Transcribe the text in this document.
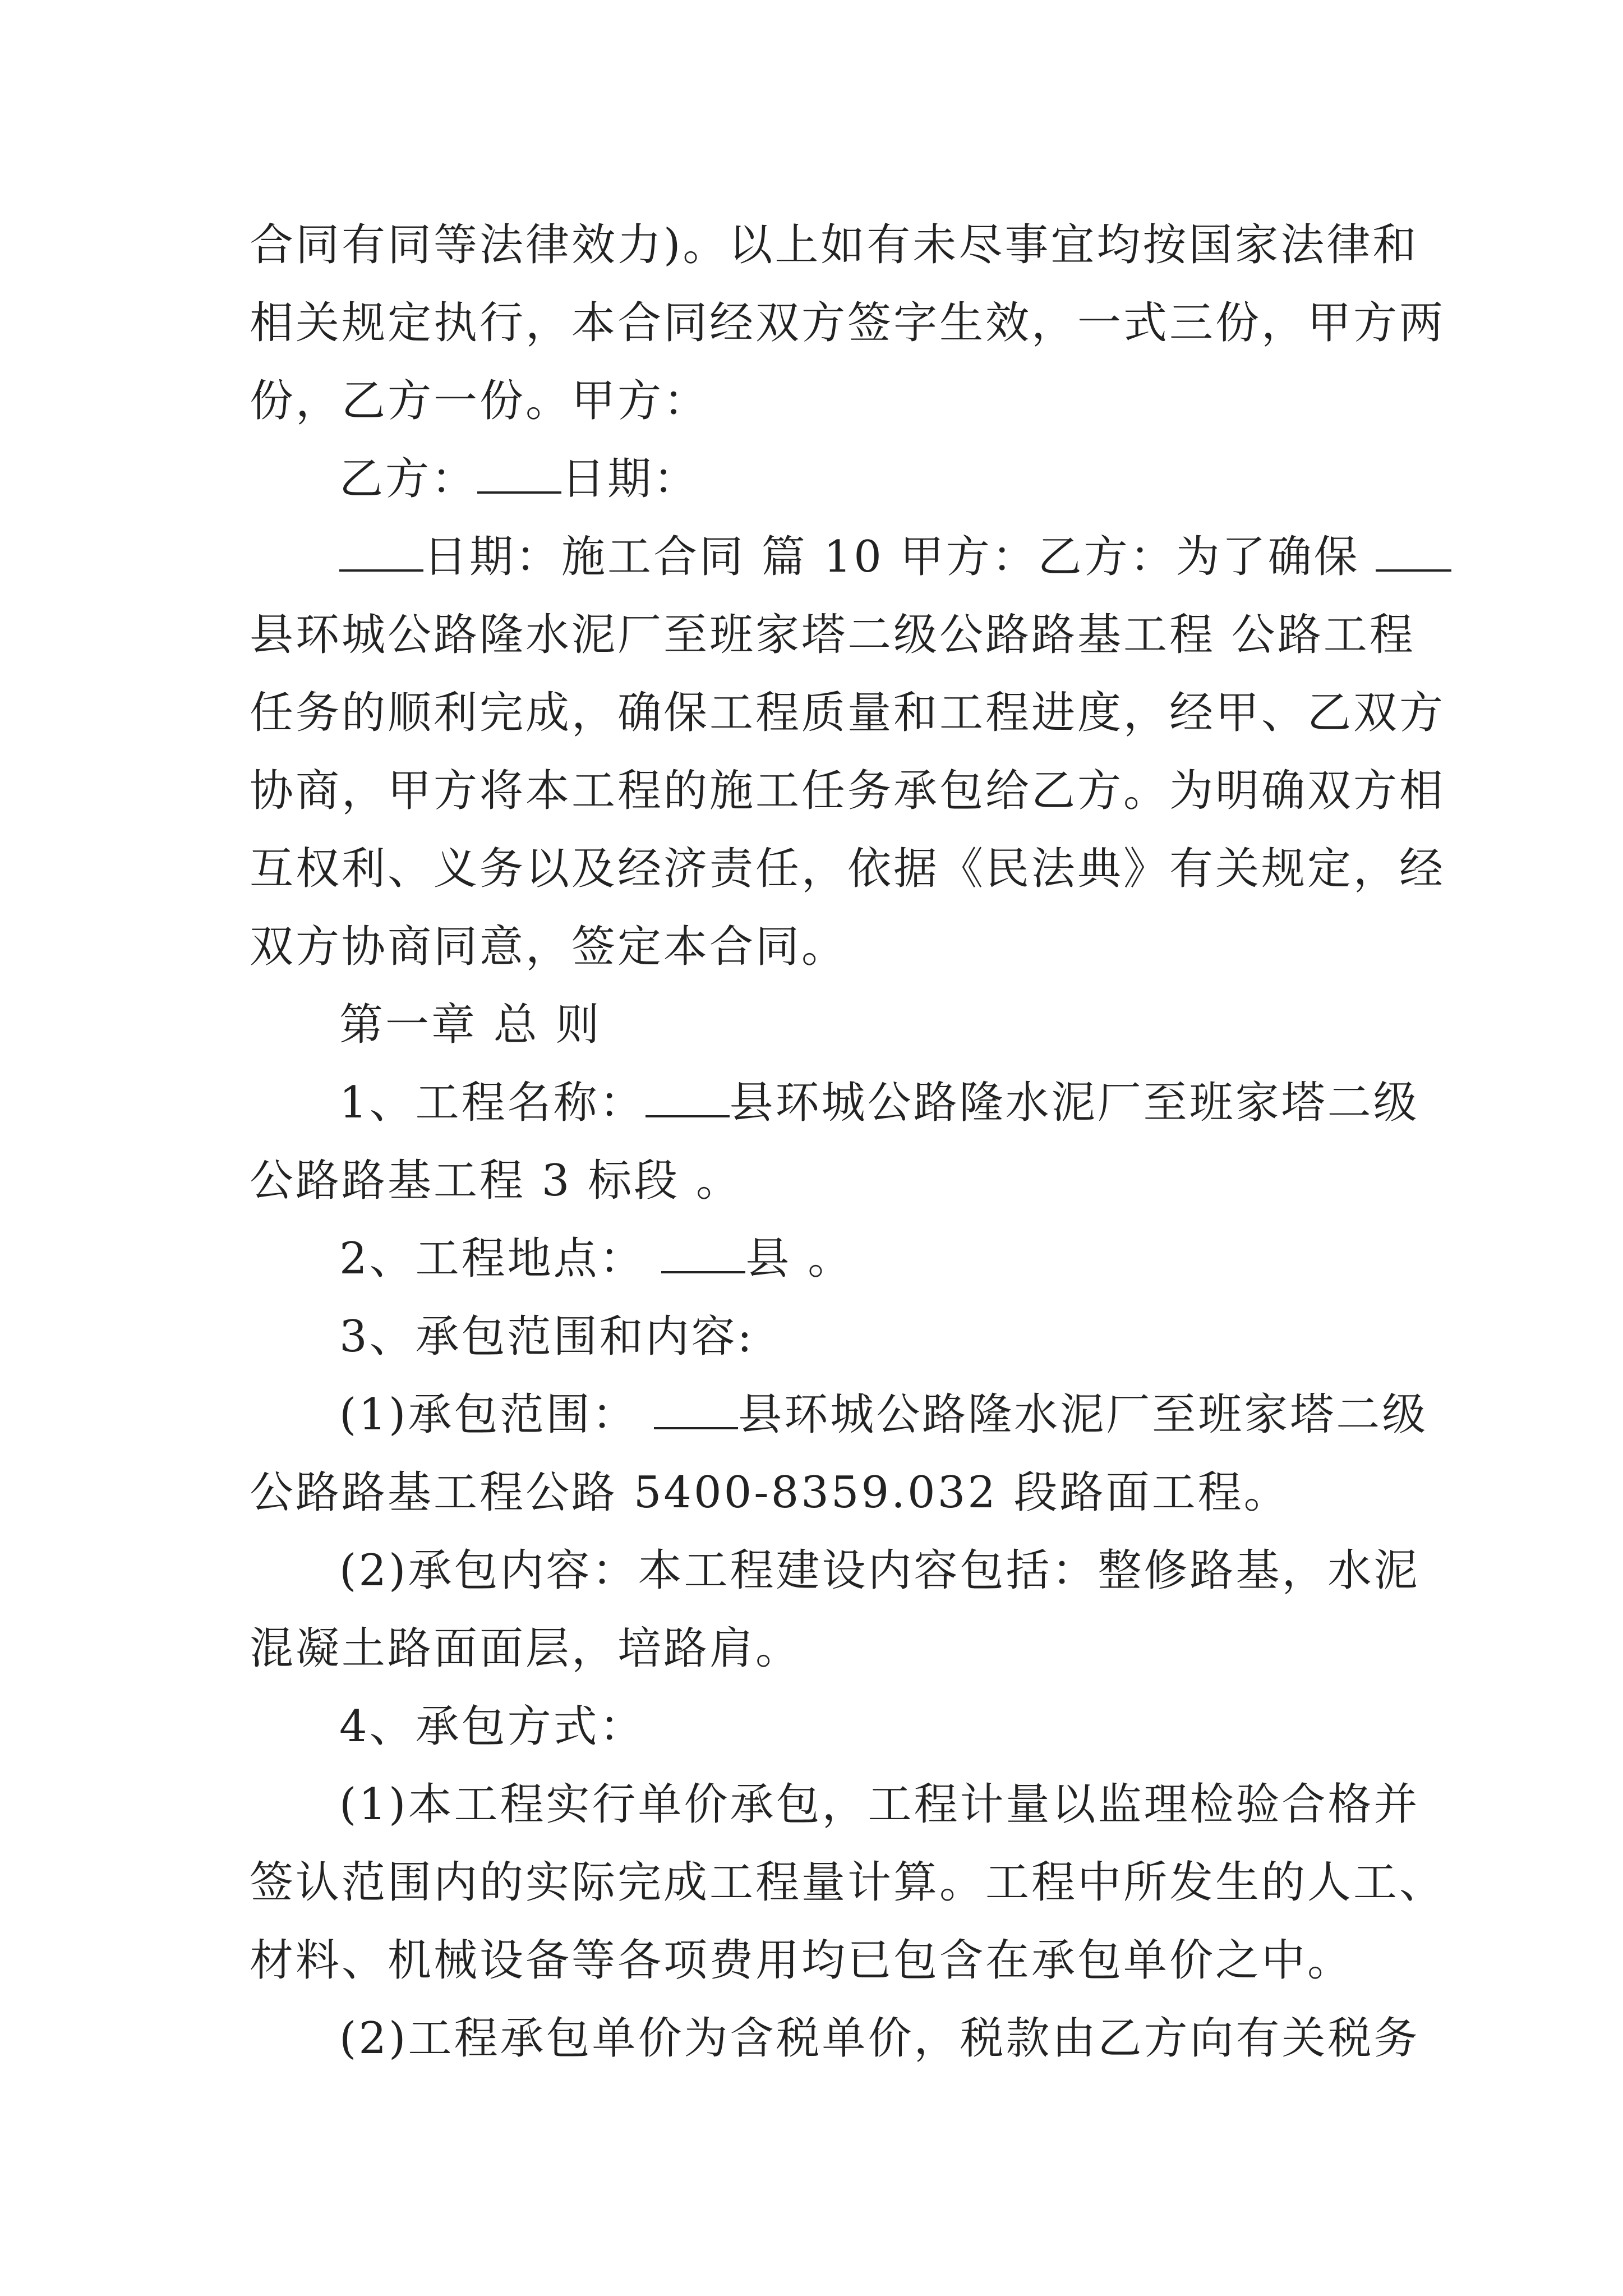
合同有同等法律效力)。以上如有未尽事宜均按国家法律和
相关规定执行，本合同经双方签字生效，一式三份，甲方两
份，乙方一份。甲方：
乙方： 日期：
日期：施工合同 篇 10 甲方：乙方：为了确保
县环城公路隆水泥厂至班家塔二级公路路基工程 公路工程
任务的顺利完成，确保工程质量和工程进度，经甲、乙双方
协商，甲方将本工程的施工任务承包给乙方。为明确双方相
互权利、义务以及经济责任，依据《民法典》有关规定，经
双方协商同意，签定本合同。
第一章 总 则
1、工程名称： 县环城公路隆水泥厂至班家塔二级
公路路基工程 3 标段 。
2、工程地点： 县 。
3、承包范围和内容:
(1)承包范围： 县环城公路隆水泥厂至班家塔二级
公路路基工程公路 5400-8359.032 段路面工程。
(2)承包内容：本工程建设内容包括：整修路基，水泥
混凝土路面面层，培路肩。
4、承包方式：
(1)本工程实行单价承包，工程计量以监理检验合格并
签认范围内的实际完成工程量计算。工程中所发生的人工、
材料、机械设备等各项费用均已包含在承包单价之中。
(2)工程承包单价为含税单价，税款由乙方向有关税务
